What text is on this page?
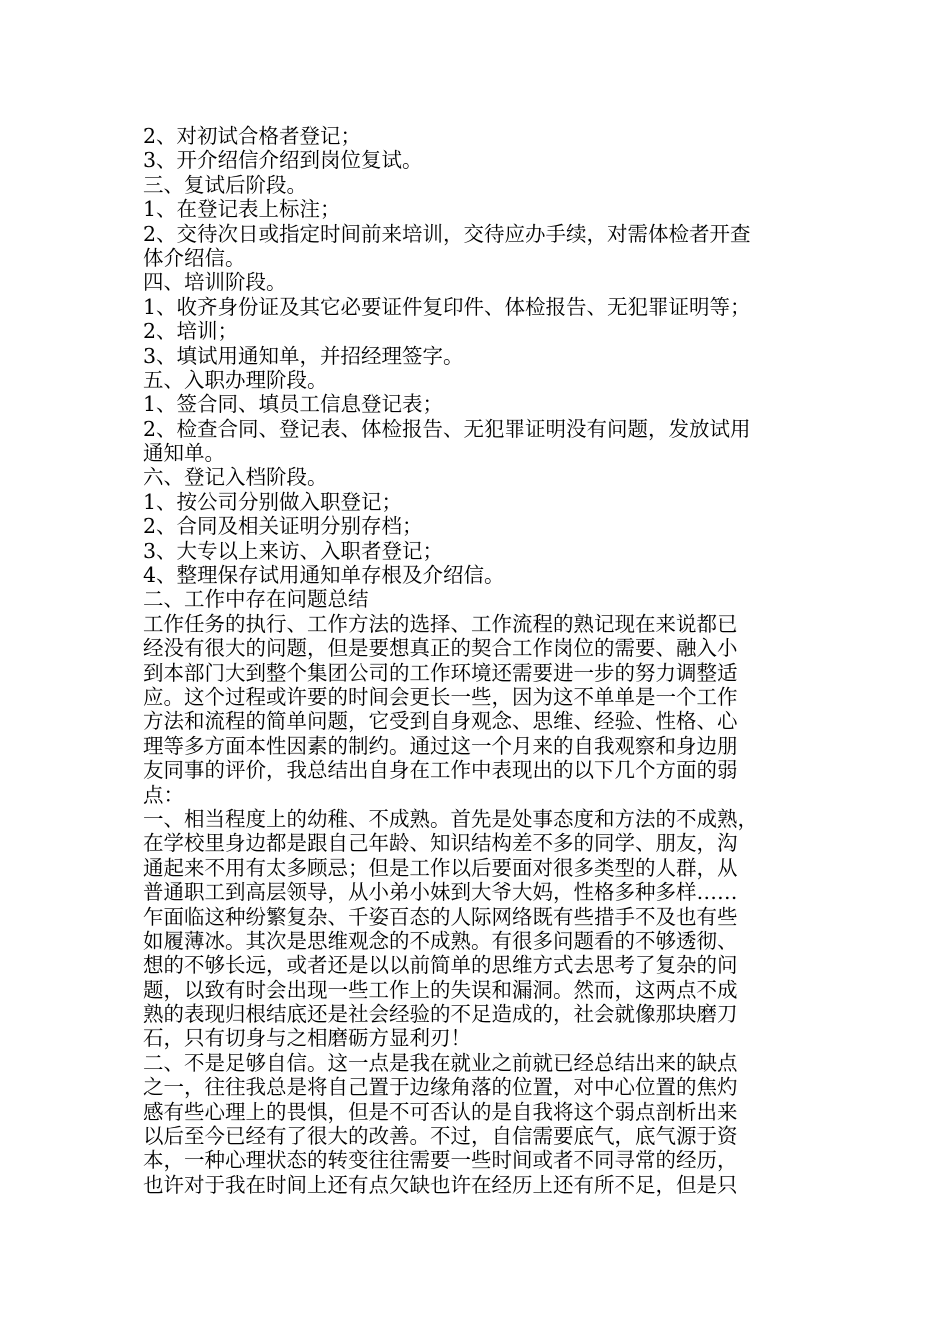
2、对初试合格者登记；
3、开介绍信介绍到岗位复试。
三、复试后阶段。
1、在登记表上标注；
2、交待次日或指定时间前来培训，交待应办手续，对需体检者开查
体介绍信。
四、培训阶段。
1、收齐身份证及其它必要证件复印件、体检报告、无犯罪证明等；
2、培训；
3、填试用通知单，并招经理签字。
五、入职办理阶段。
1、签合同、填员工信息登记表；
2、检查合同、登记表、体检报告、无犯罪证明没有问题，发放试用
通知单。
六、登记入档阶段。
1、按公司分别做入职登记；
2、合同及相关证明分别存档；
3、大专以上来访、入职者登记；
4、整理保存试用通知单存根及介绍信。
二、工作中存在问题总结
工作任务的执行、工作方法的选择、工作流程的熟记现在来说都已
经没有很大的问题，但是要想真正的契合工作岗位的需要、融入小
到本部门大到整个集团公司的工作环境还需要进一步的努力调整适
应。这个过程或许要的时间会更长一些，因为这不单单是一个工作
方法和流程的简单问题，它受到自身观念、思维、经验、性格、心
理等多方面本性因素的制约。通过这一个月来的自我观察和身边朋
友同事的评价，我总结出自身在工作中表现出的以下几个方面的弱
点：
一、相当程度上的幼稚、不成熟。首先是处事态度和方法的不成熟，
在学校里身边都是跟自己年龄、知识结构差不多的同学、朋友，沟
通起来不用有太多顾忌；但是工作以后要面对很多类型的人群，从
普通职工到高层领导，从小弟小妹到大爷大妈，性格多种多样……
乍面临这种纷繁复杂、千姿百态的人际网络既有些措手不及也有些
如履薄冰。其次是思维观念的不成熟。有很多问题看的不够透彻、
想的不够长远，或者还是以以前简单的思维方式去思考了复杂的问
题，以致有时会出现一些工作上的失误和漏洞。然而，这两点不成
熟的表现归根结底还是社会经验的不足造成的，社会就像那块磨刀
石，只有切身与之相磨砺方显利刃！
二、不是足够自信。这一点是我在就业之前就已经总结出来的缺点
之一，往往我总是将自己置于边缘角落的位置，对中心位置的焦灼
感有些心理上的畏惧，但是不可否认的是自我将这个弱点剖析出来
以后至今已经有了很大的改善。不过，自信需要底气，底气源于资
本，一种心理状态的转变往往需要一些时间或者不同寻常的经历，
也许对于我在时间上还有点欠缺也许在经历上还有所不足，但是只
